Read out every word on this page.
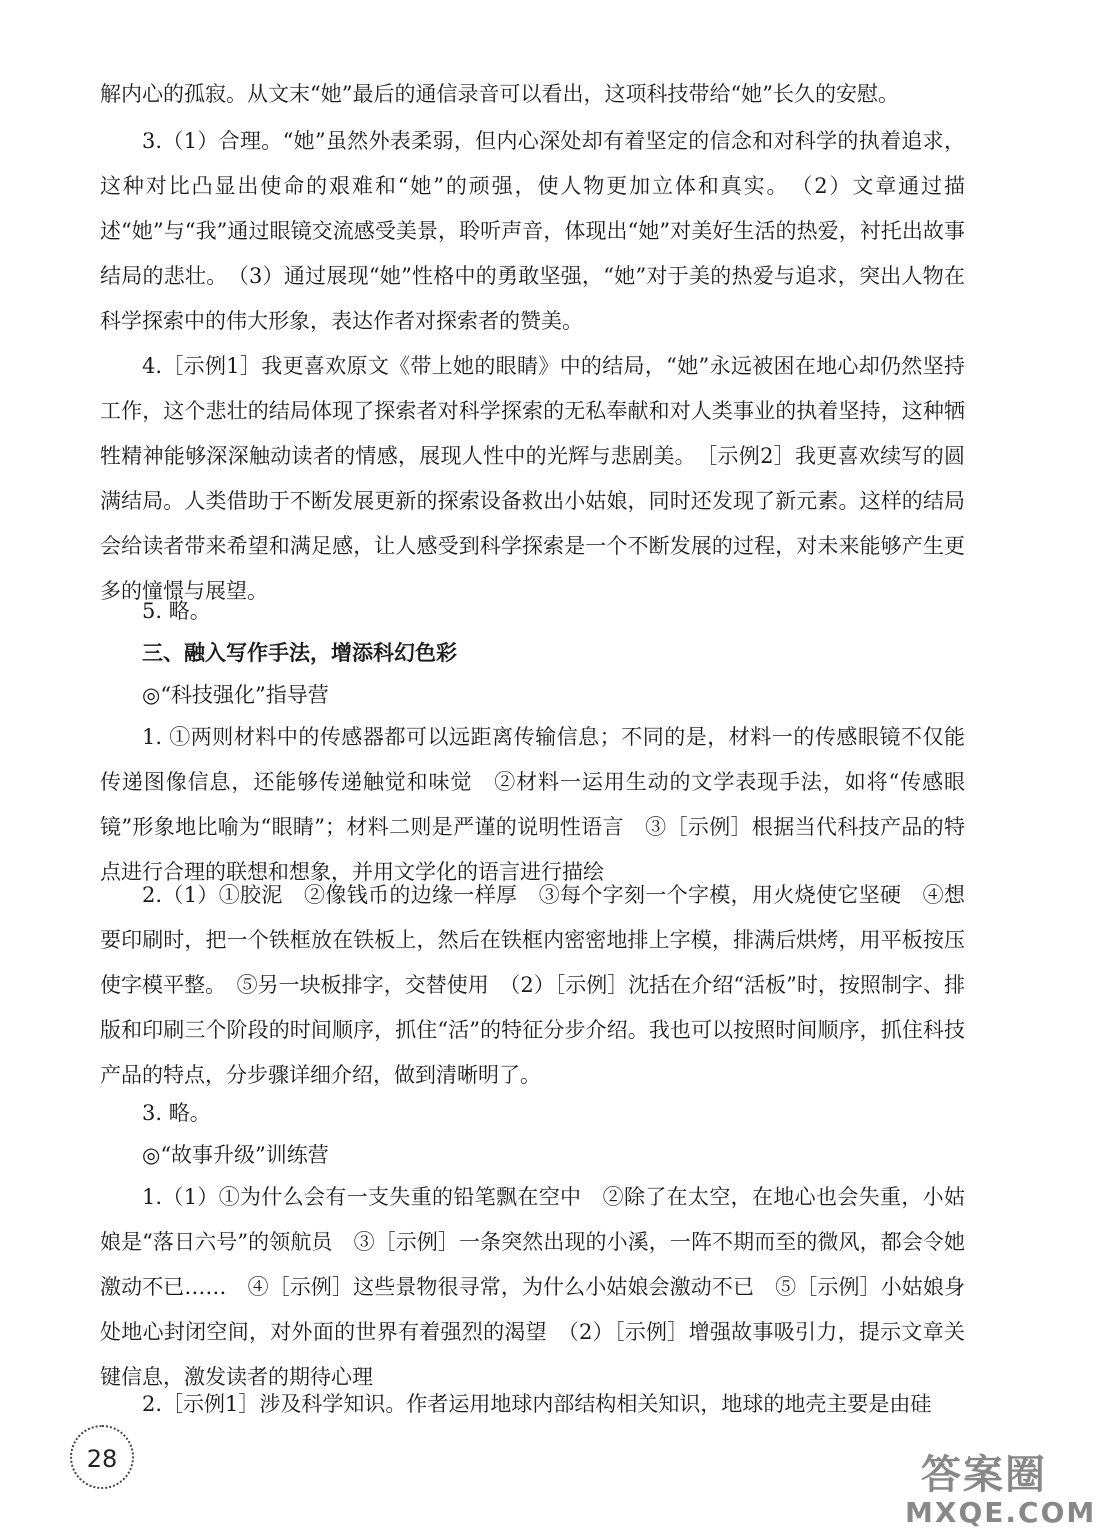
解内心的孤寂。从文末“她”最后的通信录音可以看出，这项科技带给“她”长久的安慰。

3.（1）合理。“她”虽然外表柔弱，但内心深处却有着坚定的信念和对科学的执着追求，这种对比凸显出使命的艰难和“她”的顽强，使人物更加立体和真实。　（2）文章通过描述“她”与“我”通过眼镜交流感受美景，聆听声音，体现出“她”对美好生活的热爱，衬托出故事结局的悲壮。　（3）通过展现“她”性格中的勇敢坚强，“她”对于美的热爱与追求，突出人物在科学探索中的伟大形象，表达作者对探索者的赞美。

4.［示例1］我更喜欢原文《带上她的眼睛》中的结局，“她”永远被困在地心却仍然坚持工作，这个悲壮的结局体现了探索者对科学探索的无私奉献和对人类事业的执着坚持，这种牺牲精神能够深深触动读者的情感，展现人性中的光辉与悲剧美。　［示例2］我更喜欢续写的圆满结局。人类借助于不断发展更新的探索设备救出小姑娘，同时还发现了新元素。这样的结局会给读者带来希望和满足感，让人感受到科学探索是一个不断发展的过程，对未来能够产生更多的憧憬与展望。

5. 略。

三、融入写作手法，增添科幻色彩

◎“科技强化”指导营

1. ①两则材料中的传感器都可以远距离传输信息；不同的是，材料一的传感眼镜不仅能传递图像信息，还能够传递触觉和味觉　②材料一运用生动的文学表现手法，如将“传感眼镜”形象地比喻为“眼睛”；材料二则是严谨的说明性语言　③［示例］根据当代科技产品的特点进行合理的联想和想象，并用文学化的语言进行描绘

2.（1）①胶泥　②像钱币的边缘一样厚　③每个字刻一个字模，用火烧使它坚硬　④想要印刷时，把一个铁框放在铁板上，然后在铁框内密密地排上字模，排满后烘烤，用平板按压使字模平整。　⑤另一块板排字，交替使用　（2）［示例］沈括在介绍“活板”时，按照制字、排版和印刷三个阶段的时间顺序，抓住“活”的特征分步介绍。我也可以按照时间顺序，抓住科技产品的特点，分步骤详细介绍，做到清晰明了。

3. 略。

◎“故事升级”训练营

1.（1）①为什么会有一支失重的铅笔飘在空中　②除了在太空，在地心也会失重，小姑娘是“落日六号”的领航员　③［示例］一条突然出现的小溪，一阵不期而至的微风，都会令她激动不已……　④［示例］这些景物很寻常，为什么小姑娘会激动不已　⑤［示例］小姑娘身处地心封闭空间，对外面的世界有着强烈的渴望　（2）［示例］增强故事吸引力，提示文章关键信息，激发读者的期待心理

2.［示例1］涉及科学知识。作者运用地球内部结构相关知识，地球的地壳主要是由硅

28	答案圈
MXQE.COM
